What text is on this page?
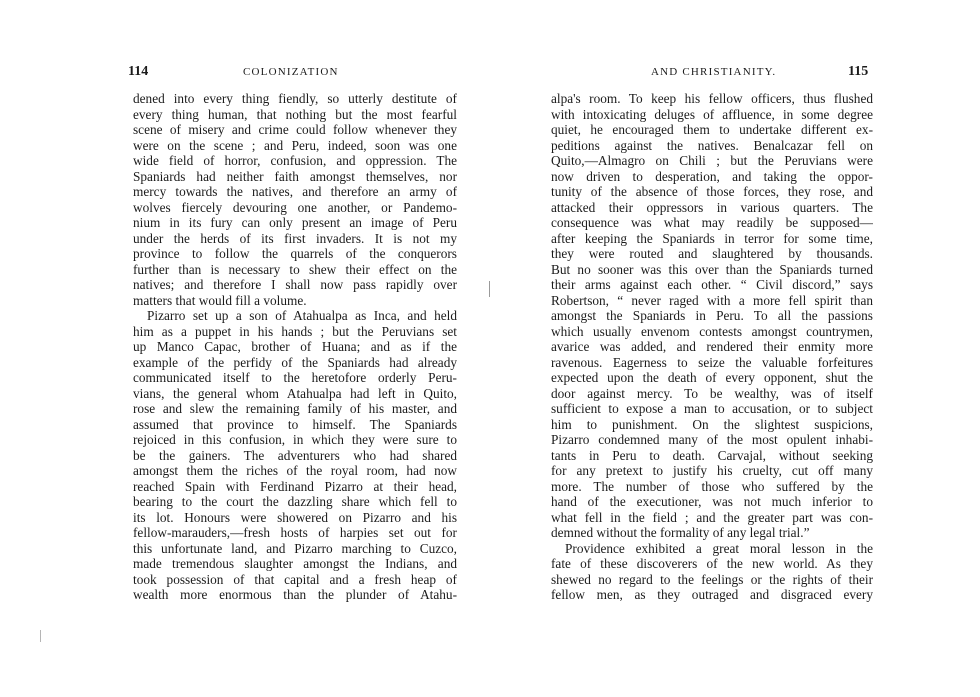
114	COLONIZATION
dened into every thing fiendly, so utterly destitute of
every thing human, that nothing but the most fearful
scene of misery and crime could follow whenever they
were on the scene ; and Peru, indeed, soon was one
wide field of horror, confusion, and oppression. The
Spaniards had neither faith amongst themselves, nor
mercy towards the natives, and therefore an army of
wolves fiercely devouring one another, or Pandemo-
nium in its fury can only present an image of Peru
under the herds of its first invaders. It is not my
province to follow the quarrels of the conquerors
further than is necessary to shew their effect on the
natives; and therefore I shall now pass rapidly over
matters that would fill a volume.
Pizarro set up a son of Atahualpa as Inca, and held
him as a puppet in his hands ; but the Peruvians set
up Manco Capac, brother of Huana; and as if the
example of the perfidy of the Spaniards had already
communicated itself to the heretofore orderly Peru-
vians, the general whom Atahualpa had left in Quito,
rose and slew the remaining family of his master, and
assumed that province to himself. The Spaniards
rejoiced in this confusion, in which they were sure to
be the gainers. The adventurers who had shared
amongst them the riches of the royal room, had now
reached Spain with Ferdinand Pizarro at their head,
bearing to the court the dazzling share which fell to
its lot. Honours were showered on Pizarro and his
fellow-marauders,—fresh hosts of harpies set out for
this unfortunate land, and Pizarro marching to Cuzco,
made tremendous slaughter amongst the Indians, and
took possession of that capital and a fresh heap of
wealth more enormous than the plunder of Atahu-
AND CHRISTIANITY.	115
alpa's room. To keep his fellow officers, thus flushed
with intoxicating deluges of affluence, in some degree
quiet, he encouraged them to undertake different ex-
peditions against the natives. Benalcazar fell on
Quito,—Almagro on Chili ; but the Peruvians were
now driven to desperation, and taking the oppor-
tunity of the absence of those forces, they rose, and
attacked their oppressors in various quarters. The
consequence was what may readily be supposed—
after keeping the Spaniards in terror for some time,
they were routed and slaughtered by thousands.
But no sooner was this over than the Spaniards turned
their arms against each other. “ Civil discord,” says
Robertson, “ never raged with a more fell spirit than
amongst the Spaniards in Peru. To all the passions
which usually envenom contests amongst countrymen,
avarice was added, and rendered their enmity more
ravenous. Eagerness to seize the valuable forfeitures
expected upon the death of every opponent, shut the
door against mercy. To be wealthy, was of itself
sufficient to expose a man to accusation, or to subject
him to punishment. On the slightest suspicions,
Pizarro condemned many of the most opulent inhabi-
tants in Peru to death. Carvajal, without seeking
for any pretext to justify his cruelty, cut off many
more. The number of those who suffered by the
hand of the executioner, was not much inferior to
what fell in the field ; and the greater part was con-
demned without the formality of any legal trial.”
Providence exhibited a great moral lesson in the
fate of these discoverers of the new world. As they
shewed no regard to the feelings or the rights of their
fellow men, as they outraged and disgraced every
